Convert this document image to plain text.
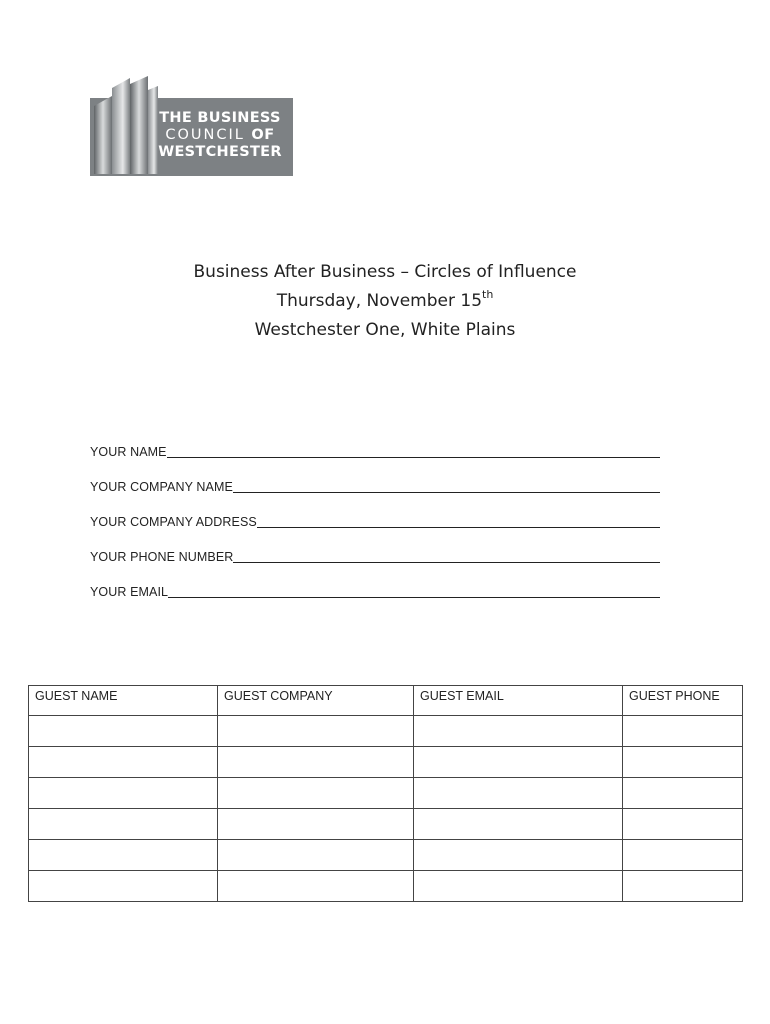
THE BUSINESS
COUNCIL OF
WESTCHESTER
Business After Business – Circles of Influence
Thursday, November 15th
Westchester One, White Plains
YOUR NAME
YOUR COMPANY NAME
YOUR COMPANY ADDRESS
YOUR PHONE NUMBER
YOUR EMAIL
GUEST NAME	GUEST COMPANY	GUEST EMAIL	GUEST PHONE
